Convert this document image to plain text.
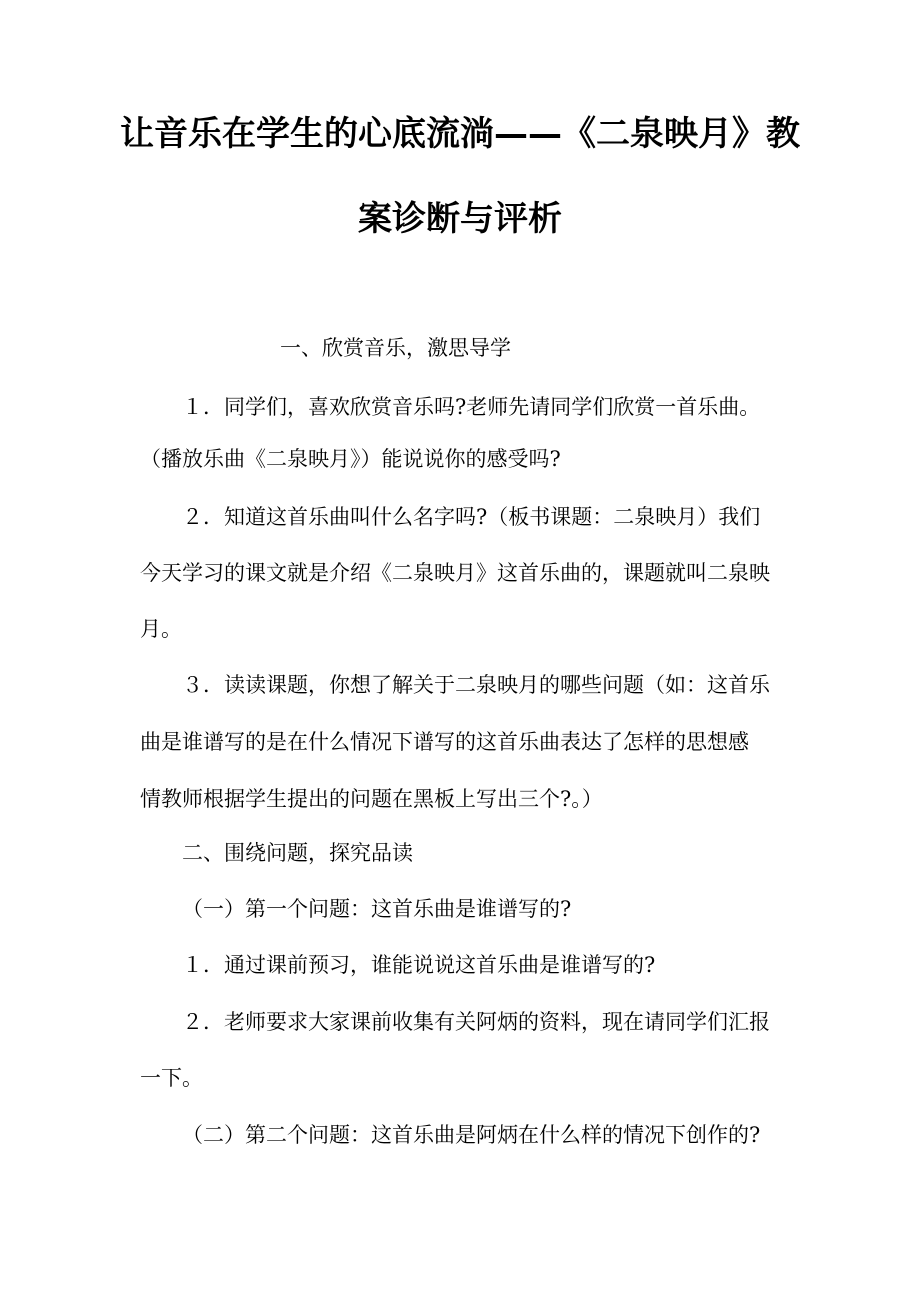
让音乐在学生的心底流淌——《二泉映月》教
案诊断与评析
一、欣赏音乐，激思导学
１．同学们，喜欢欣赏音乐吗?老师先请同学们欣赏一首乐曲。
（播放乐曲《二泉映月》）能说说你的感受吗?
２．知道这首乐曲叫什么名字吗?（板书课题：二泉映月）我们
今天学习的课文就是介绍《二泉映月》这首乐曲的，课题就叫二泉映
月。
３．读读课题，你想了解关于二泉映月的哪些问题（如：这首乐
曲是谁谱写的是在什么情况下谱写的这首乐曲表达了怎样的思想感
情教师根据学生提出的问题在黑板上写出三个?。）
二、围绕问题，探究品读
（一）第一个问题：这首乐曲是谁谱写的?
１．通过课前预习，谁能说说这首乐曲是谁谱写的?
２．老师要求大家课前收集有关阿炳的资料，现在请同学们汇报
一下。
（二）第二个问题：这首乐曲是阿炳在什么样的情况下创作的?
